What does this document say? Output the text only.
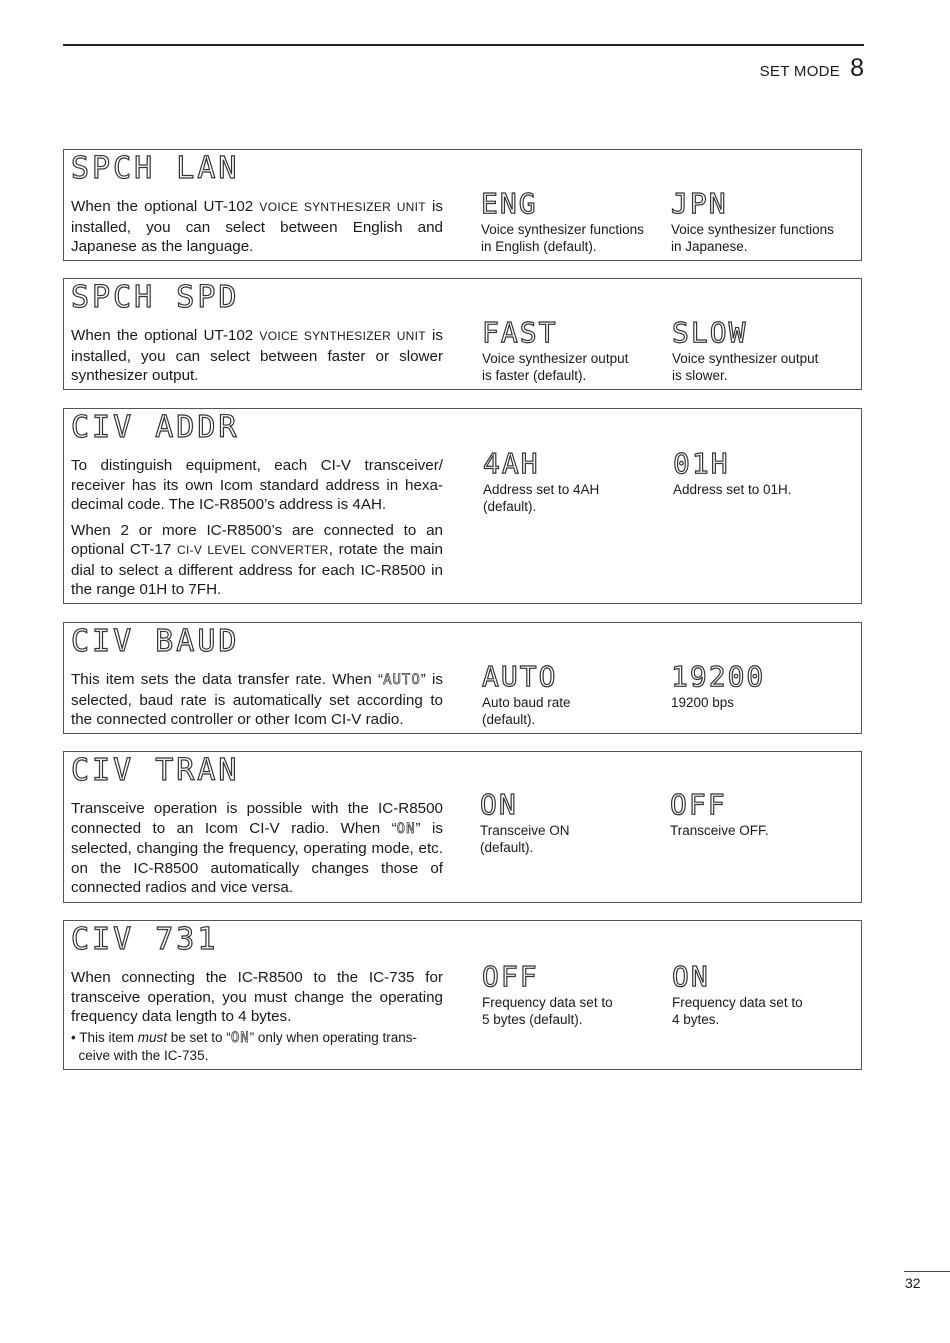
SET MODE 8
SPCH LAN

When the optional UT-102 VOICE SYNTHESIZER UNIT is installed, you can select between English and Japanese as the language.

ENG
Voice synthesizer functions
in English (default).
JPN
Voice synthesizer functions
in Japanese.
SPCH SPD

When the optional UT-102 VOICE SYNTHESIZER UNIT is installed, you can select between faster or slower synthesizer output.

FAST
Voice synthesizer output
is faster (default).
SLOW
Voice synthesizer output
is slower.
CIV ADDR

To distinguish equipment, each CI-V transceiver/ receiver has its own Icom standard address in hexa-decimal code. The IC-R8500’s address is 4AH.

When 2 or more IC-R8500’s are connected to an optional CT-17 CI-V LEVEL CONVERTER, rotate the main dial to select a different address for each IC-R8500 in the range 01H to 7FH.

4AH
Address set to 4AH
(default).
01H
Address set to 01H.
CIV BAUD

This item sets the data transfer rate. When “AUTO” is selected, baud rate is automatically set according to the connected controller or other Icom CI-V radio.

AUTO
Auto baud rate
(default).
19200
19200 bps
CIV TRAN

Transceive operation is possible with the IC-R8500 connected to an Icom CI-V radio. When “ON” is selected, changing the frequency, operating mode, etc. on the IC-R8500 automatically changes those of connected radios and vice versa.

ON
Transceive ON
(default).
OFF
Transceive OFF.
CIV 731

When connecting the IC-R8500 to the IC-735 for transceive operation, you must change the operating frequency data length to 4 bytes.

• This item must be set to “ON” only when operating trans-
ceive with the IC-735.

OFF
Frequency data set to
5 bytes (default).
ON
Frequency data set to
4 bytes.
32
